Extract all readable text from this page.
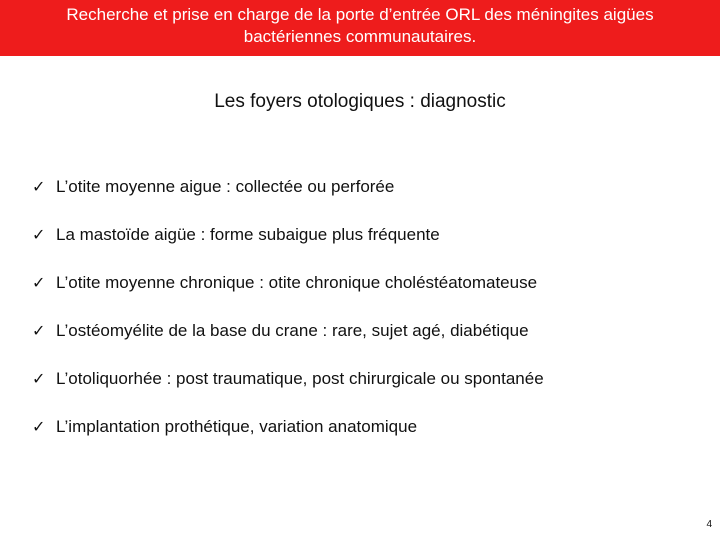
Recherche et prise en charge de la porte d’entrée ORL des méningites aigües bactériennes communautaires.
Les foyers otologiques : diagnostic
✓ L’otite moyenne aigue : collectée ou perforée
✓ La mastoïde aigüe : forme subaigue plus fréquente
✓ L’otite moyenne chronique : otite chronique choléstéatomateuse
✓ L’ostéomyélite de la base du crane : rare, sujet agé, diabétique
✓ L’otoliquorhée : post traumatique, post chirurgicale ou spontanée
✓ L’implantation prothétique, variation anatomique
4
